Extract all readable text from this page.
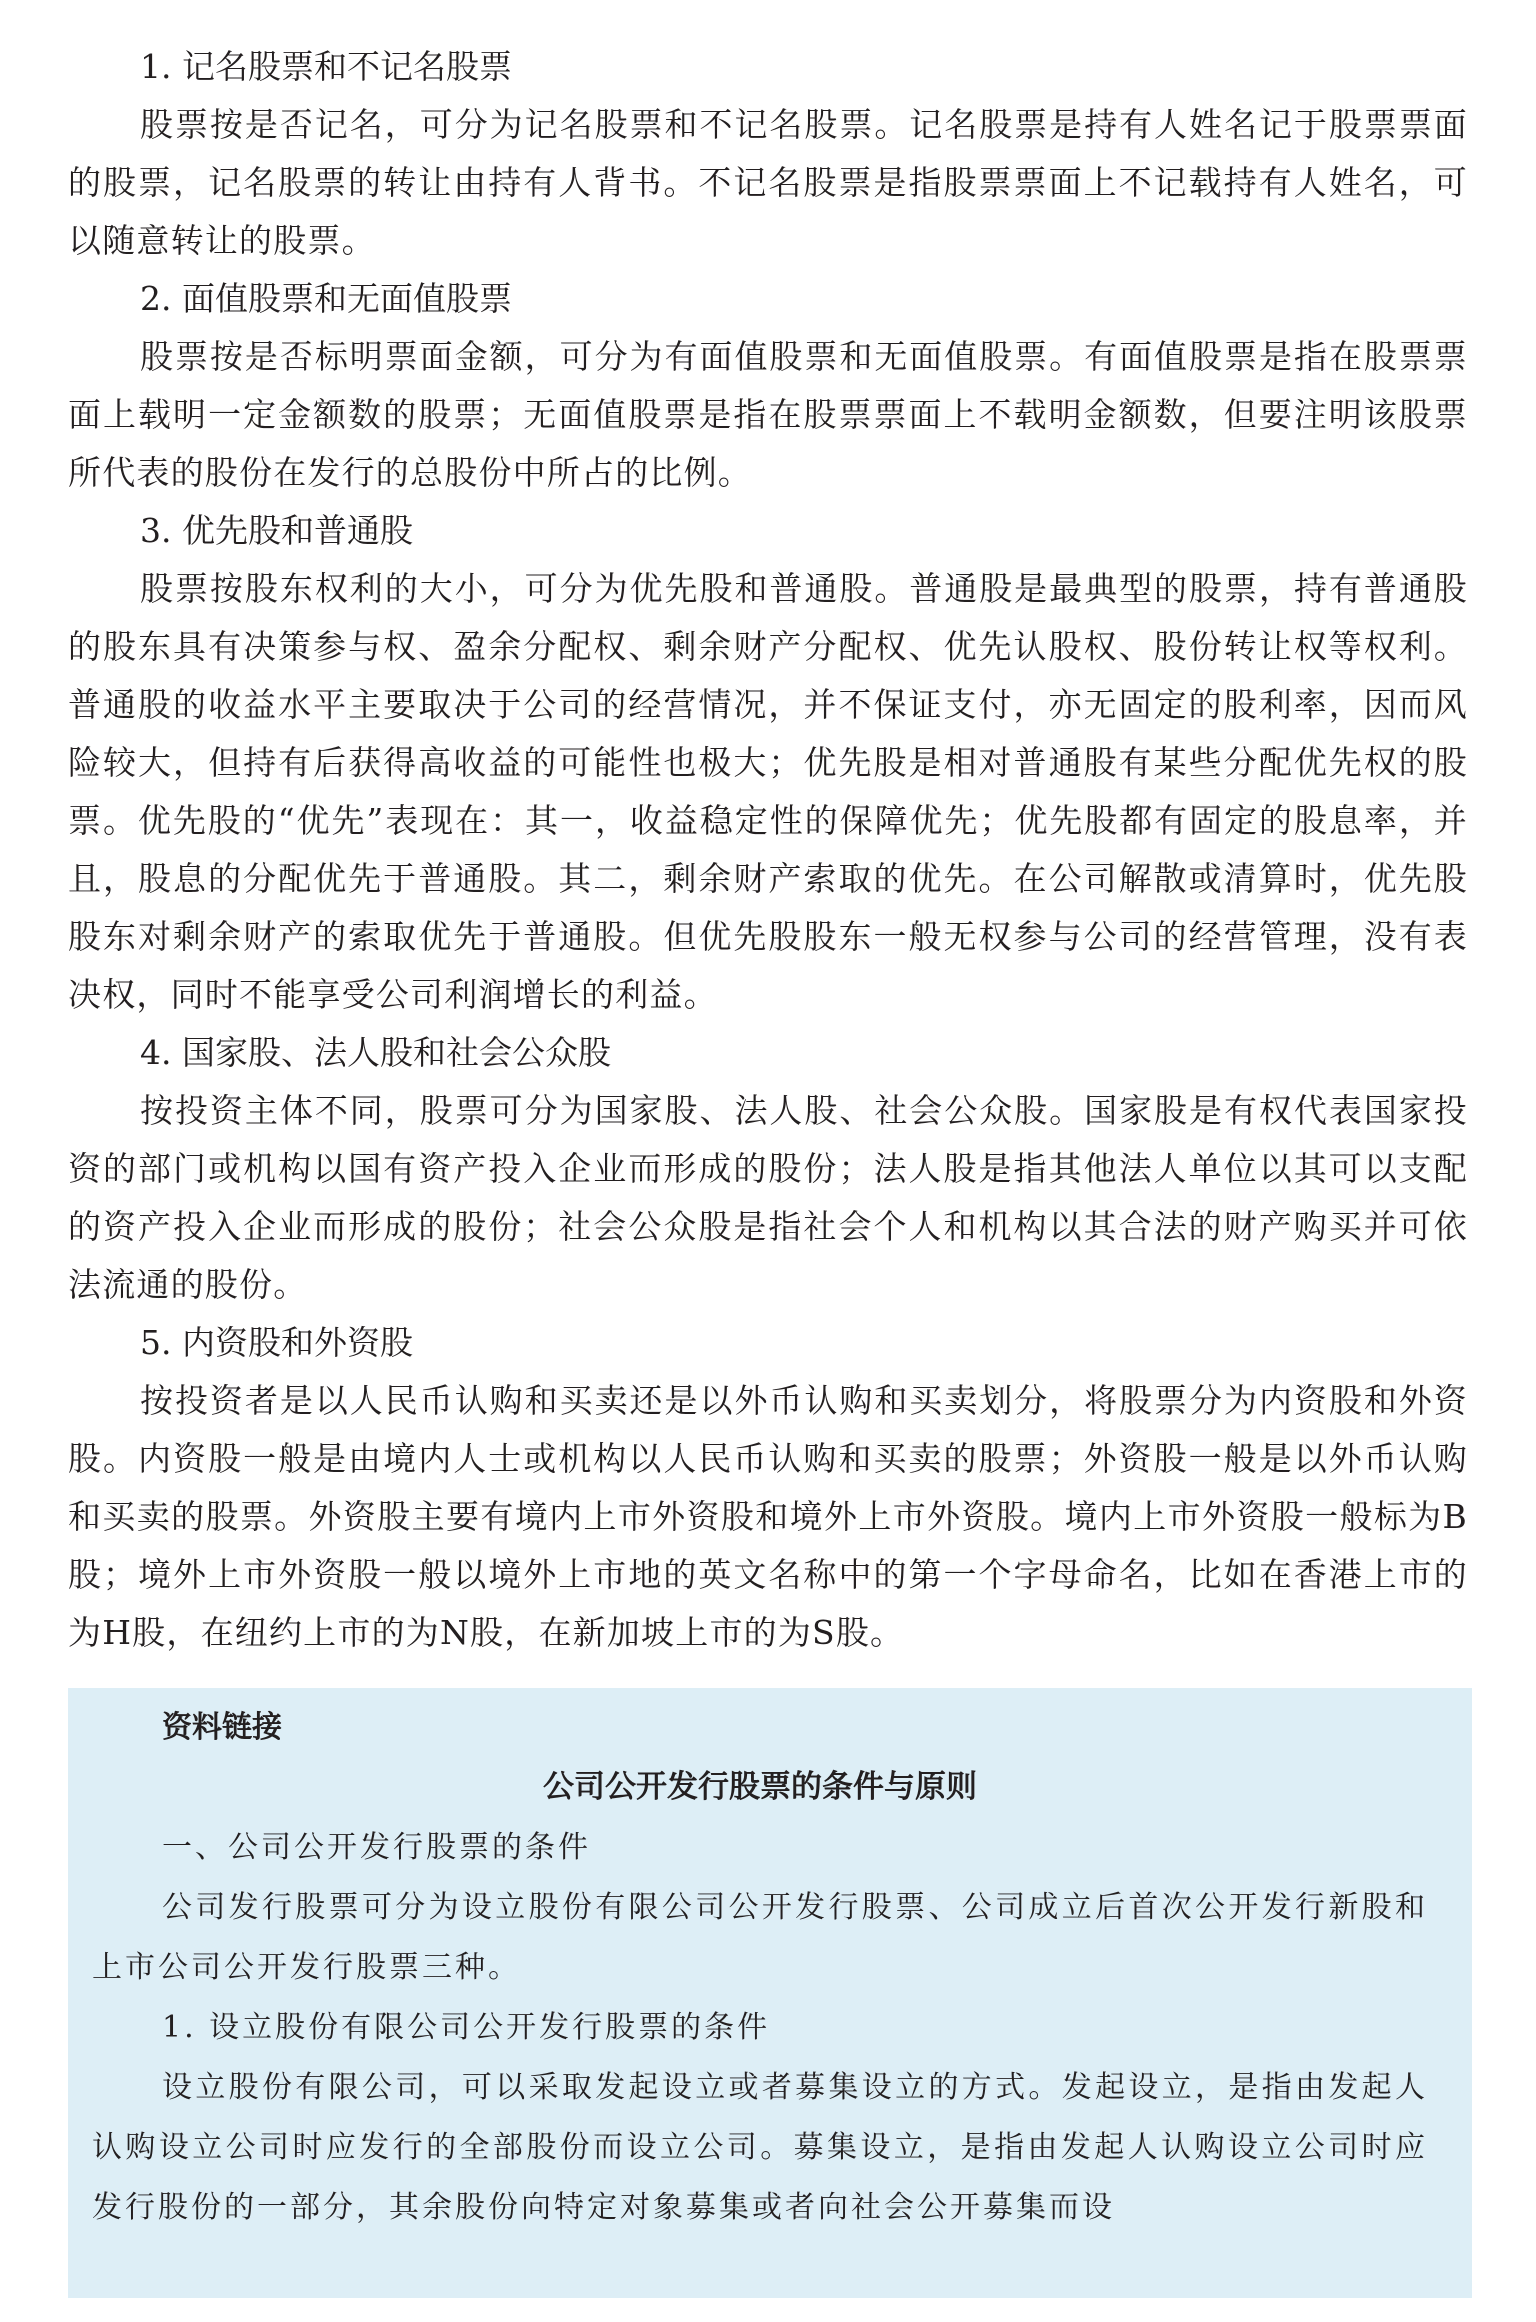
1. 记名股票和不记名股票

股票按是否记名，可分为记名股票和不记名股票。记名股票是持有人姓名记于股票票面的股票，记名股票的转让由持有人背书。不记名股票是指股票票面上不记载持有人姓名，可以随意转让的股票。

2. 面值股票和无面值股票

股票按是否标明票面金额，可分为有面值股票和无面值股票。有面值股票是指在股票票面上载明一定金额数的股票；无面值股票是指在股票票面上不载明金额数，但要注明该股票所代表的股份在发行的总股份中所占的比例。

3. 优先股和普通股

股票按股东权利的大小，可分为优先股和普通股。普通股是最典型的股票，持有普通股的股东具有决策参与权、盈余分配权、剩余财产分配权、优先认股权、股份转让权等权利。普通股的收益水平主要取决于公司的经营情况，并不保证支付，亦无固定的股利率，因而风险较大，但持有后获得高收益的可能性也极大；优先股是相对普通股有某些分配优先权的股票。优先股的“优先”表现在：其一，收益稳定性的保障优先；优先股都有固定的股息率，并且，股息的分配优先于普通股。其二，剩余财产索取的优先。在公司解散或清算时，优先股股东对剩余财产的索取优先于普通股。但优先股股东一般无权参与公司的经营管理，没有表决权，同时不能享受公司利润增长的利益。

4. 国家股、法人股和社会公众股

按投资主体不同，股票可分为国家股、法人股、社会公众股。国家股是有权代表国家投资的部门或机构以国有资产投入企业而形成的股份；法人股是指其他法人单位以其可以支配的资产投入企业而形成的股份；社会公众股是指社会个人和机构以其合法的财产购买并可依法流通的股份。

5. 内资股和外资股

按投资者是以人民币认购和买卖还是以外币认购和买卖划分，将股票分为内资股和外资股。内资股一般是由境内人士或机构以人民币认购和买卖的股票；外资股一般是以外币认购和买卖的股票。外资股主要有境内上市外资股和境外上市外资股。境内上市外资股一般标为B股；境外上市外资股一般以境外上市地的英文名称中的第一个字母命名，比如在香港上市的为H股，在纽约上市的为N股，在新加坡上市的为S股。

资料链接

公司公开发行股票的条件与原则

一、公司公开发行股票的条件

公司发行股票可分为设立股份有限公司公开发行股票、公司成立后首次公开发行新股和上市公司公开发行股票三种。

1. 设立股份有限公司公开发行股票的条件

设立股份有限公司，可以采取发起设立或者募集设立的方式。发起设立，是指由发起人认购设立公司时应发行的全部股份而设立公司。募集设立，是指由发起人认购设立公司时应发行股份的一部分，其余股份向特定对象募集或者向社会公开募集而设
